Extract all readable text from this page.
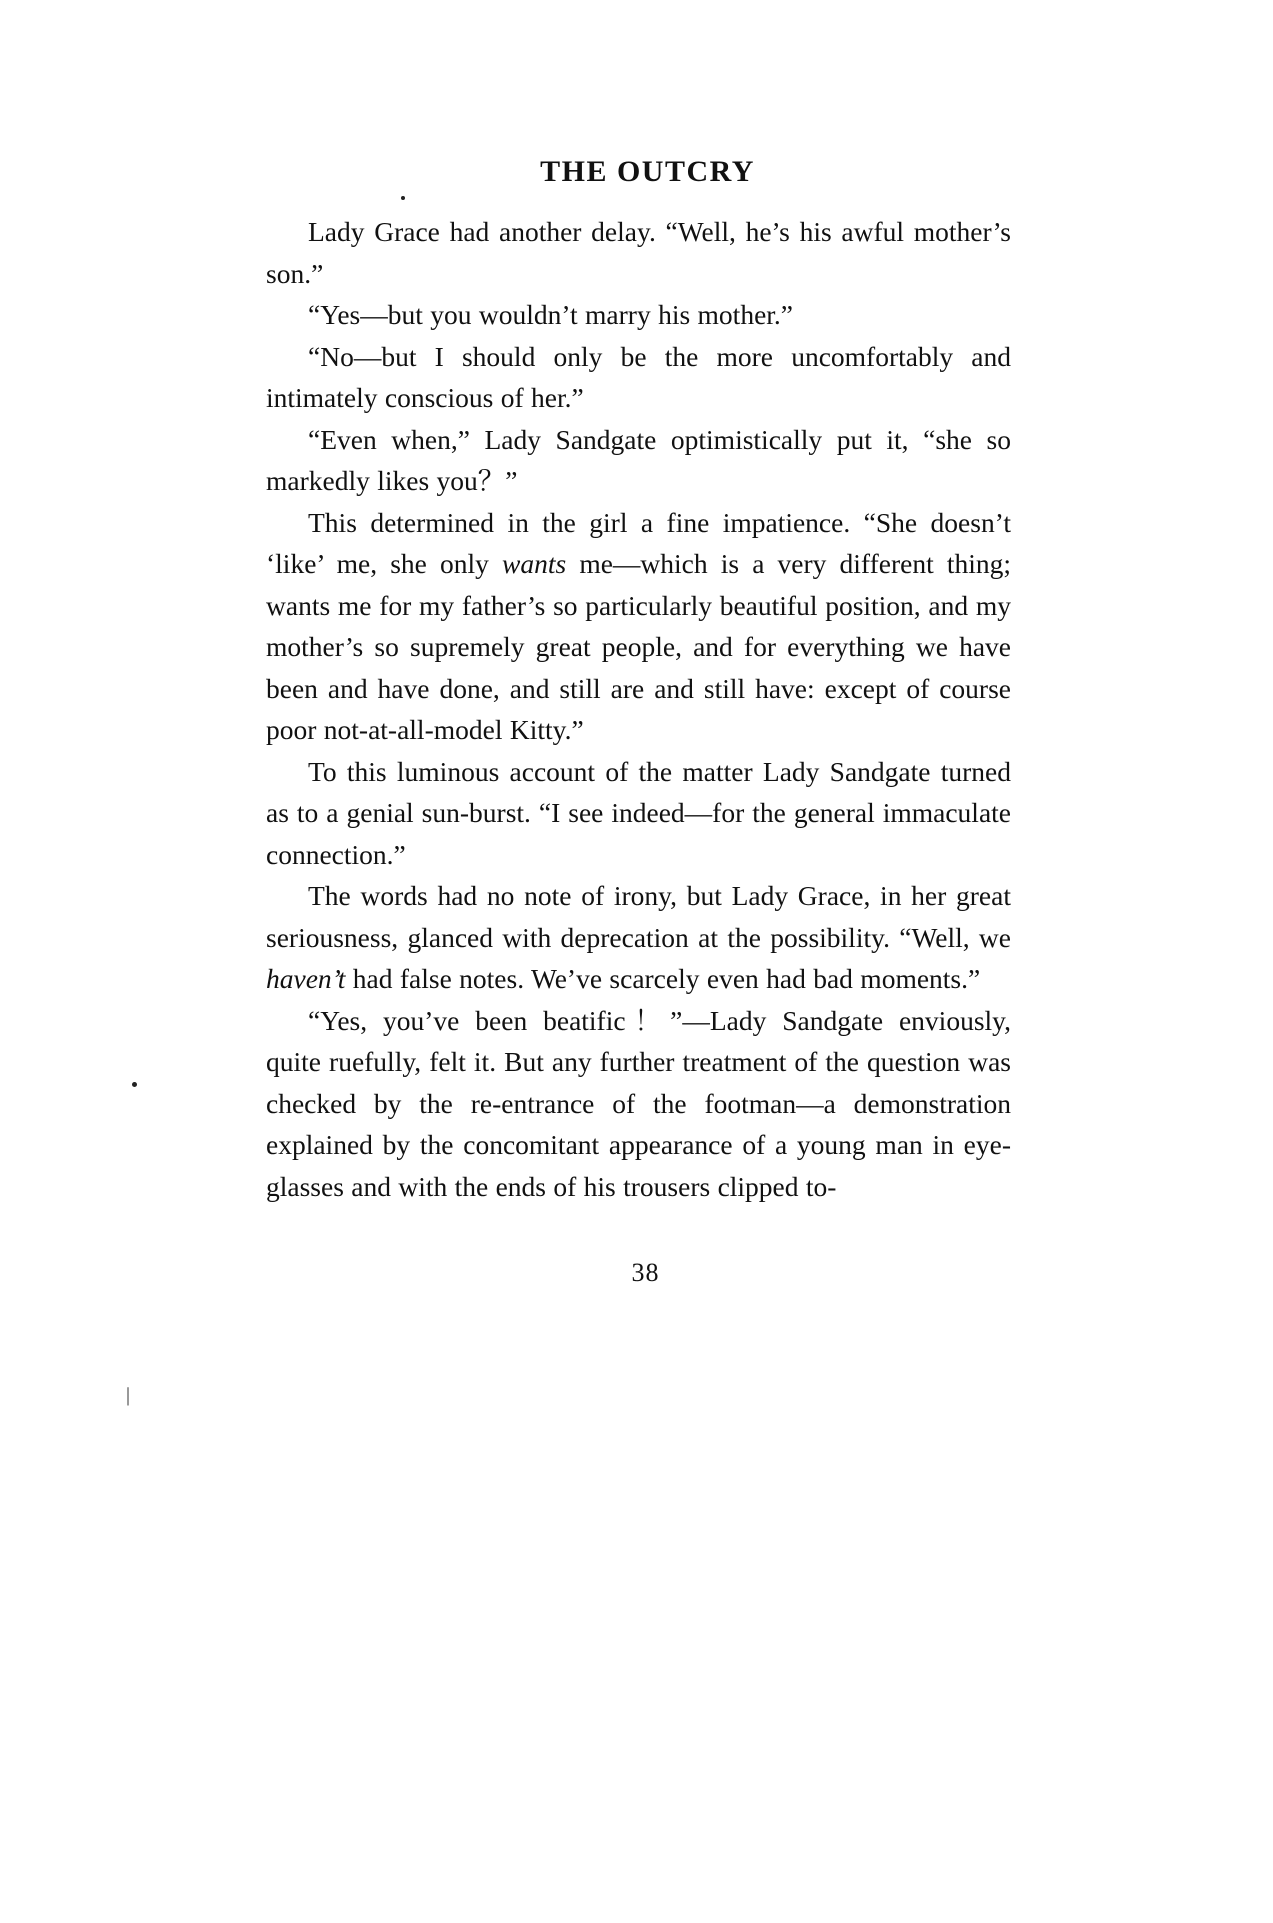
THE OUTCRY

Lady Grace had another delay. “Well, he’s his awful mother’s son.”

“Yes—but you wouldn’t marry his mother.”

“No—but I should only be the more uncomfortably and intimately conscious of her.”

“Even when,” Lady Sandgate optimistically put it, “she so markedly likes you？”

This determined in the girl a fine impatience. “She doesn’t ‘like’ me, she only wants me—which is a very different thing; wants me for my father’s so particularly beautiful position, and my mother’s so supremely great people, and for everything we have been and have done, and still are and still have: except of course poor not-at-all-model Kitty.”

To this luminous account of the matter Lady Sandgate turned as to a genial sun-burst. “I see indeed—for the general immaculate connection.”

The words had no note of irony, but Lady Grace, in her great seriousness, glanced with deprecation at the possibility. “Well, we haven’t had false notes. We’ve scarcely even had bad moments.”

“Yes, you’ve been beatific！”—Lady Sandgate enviously, quite ruefully, felt it. But any further treatment of the question was checked by the re-entrance of the footman—a demonstration explained by the concomitant appearance of a young man in eye-glasses and with the ends of his trousers clipped to-

38
|
